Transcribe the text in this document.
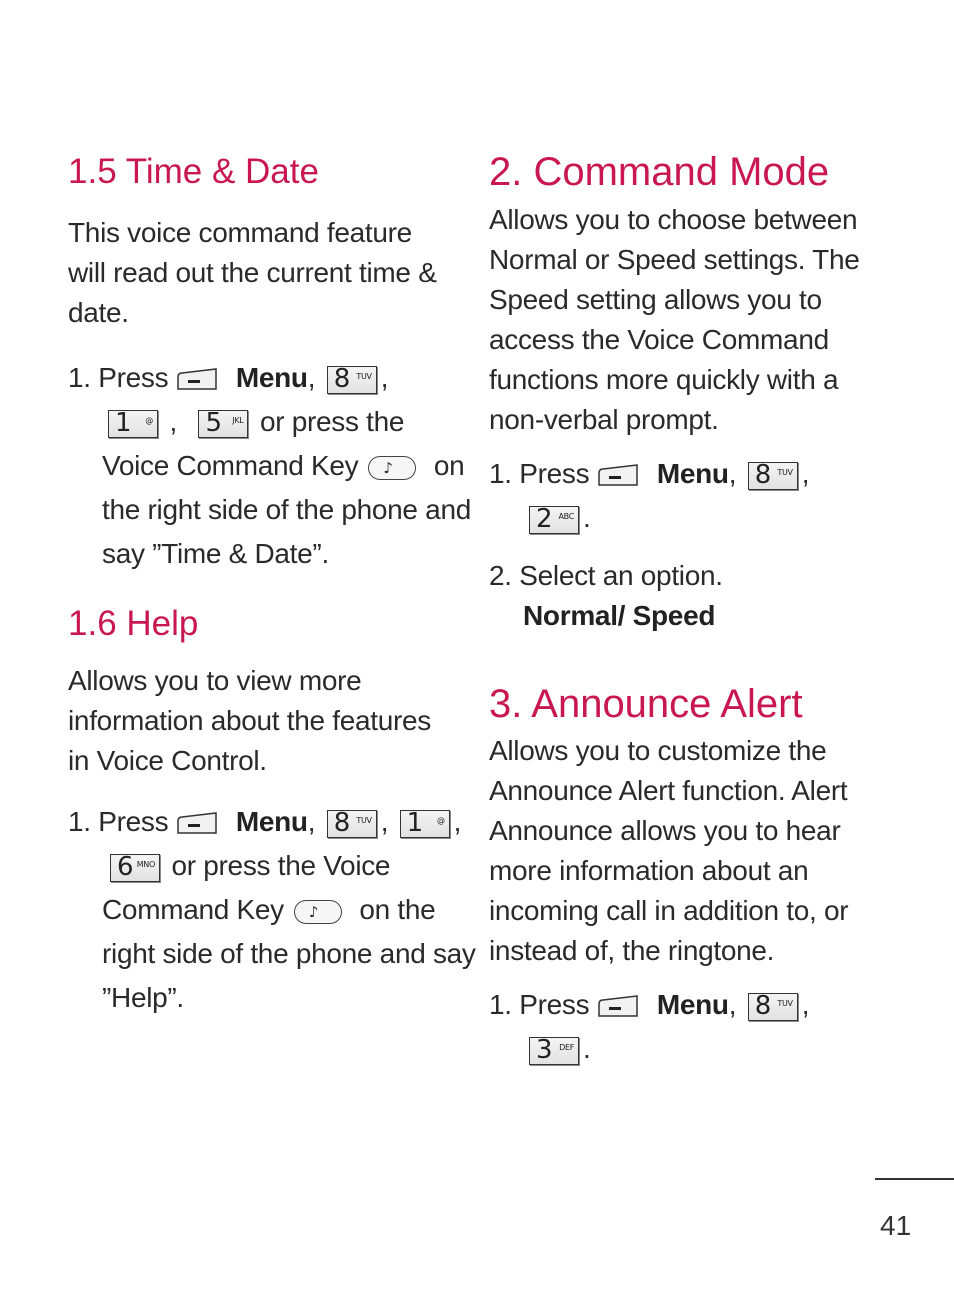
1.5 Time & Date
This voice command feature
will read out the current time &
date.
1. Press Menu, 8 TUV ,
1 @ , 5 JKL or press the
Voice Command Key ♪ on
the right side of the phone and
say ”Time & Date”.
1.6 Help
Allows you to view more
information about the features
in Voice Control.
1. Press Menu, 8 TUV , 1 @ ,
6 MNO or press the Voice
Command Key ♪ on the
right side of the phone and say
”Help”.
2. Command Mode
Allows you to choose between
Normal or Speed settings. The
Speed setting allows you to
access the Voice Command
functions more quickly with a
non-verbal prompt.
1. Press Menu, 8 TUV ,
2 ABC .
2. Select an option.
Normal/ Speed
3. Announce Alert
Allows you to customize the
Announce Alert function. Alert
Announce allows you to hear
more information about an
incoming call in addition to, or
instead of, the ringtone.
1. Press Menu, 8 TUV ,
3 DEF .
41
